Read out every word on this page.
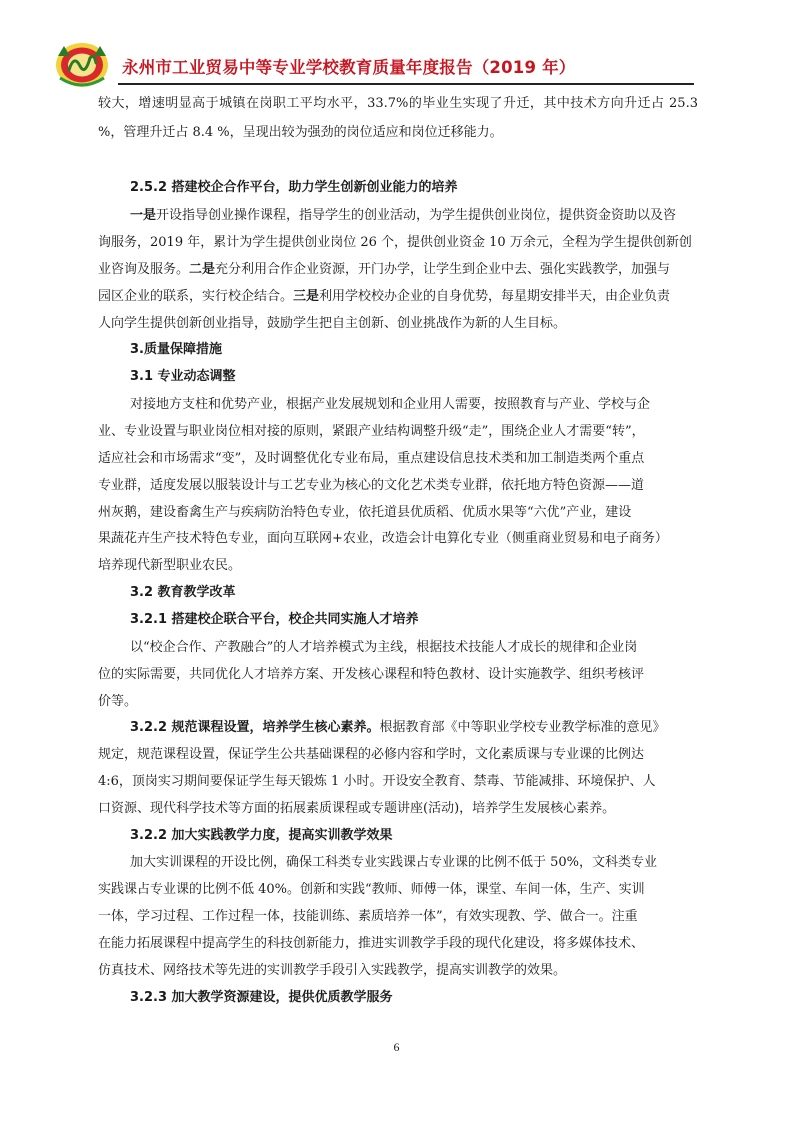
永州市工业贸易中等专业学校教育质量年度报告（2019 年）
较大，增速明显高于城镇在岗职工平均水平，33.7%的毕业生实现了升迁，其中技术方向升迁占 25.3
%，管理升迁占 8.4 %，呈现出较为强劲的岗位适应和岗位迁移能力。
2.5.2 搭建校企合作平台，助力学生创新创业能力的培养
一是开设指导创业操作课程，指导学生的创业活动，为学生提供创业岗位，提供资金资助以及咨
询服务，2019 年，累计为学生提供创业岗位 26 个，提供创业资金 10 万余元，全程为学生提供创新创
业咨询及服务。二是充分利用合作企业资源，开门办学，让学生到企业中去、强化实践教学，加强与
园区企业的联系，实行校企结合。三是利用学校校办企业的自身优势，每星期安排半天，由企业负责
人向学生提供创新创业指导，鼓励学生把自主创新、创业挑战作为新的人生目标。
3.质量保障措施
3.1 专业动态调整
对接地方支柱和优势产业，根据产业发展规划和企业用人需要，按照教育与产业、学校与企
业、专业设置与职业岗位相对接的原则，紧跟产业结构调整升级“走”，围绕企业人才需要“转”，
适应社会和市场需求“变”，及时调整优化专业布局，重点建设信息技术类和加工制造类两个重点
专业群，适度发展以服装设计与工艺专业为核心的文化艺术类专业群，依托地方特色资源——道
州灰鹅，建设畜禽生产与疾病防治特色专业，依托道县优质稻、优质水果等“六优”产业，建设
果蔬花卉生产技术特色专业，面向互联网+农业，改造会计电算化专业（侧重商业贸易和电子商务）
培养现代新型职业农民。
3.2 教育教学改革
3.2.1 搭建校企联合平台，校企共同实施人才培养
以“校企合作、产教融合”的人才培养模式为主线，根据技术技能人才成长的规律和企业岗
位的实际需要，共同优化人才培养方案、开发核心课程和特色教材、设计实施教学、组织考核评
价等。
3.2.2 规范课程设置，培养学生核心素养。根据教育部《中等职业学校专业教学标准的意见》
规定，规范课程设置，保证学生公共基础课程的必修内容和学时，文化素质课与专业课的比例达
4:6，顶岗实习期间要保证学生每天锻炼 1 小时。开设安全教育、禁毒、节能减排、环境保护、人
口资源、现代科学技术等方面的拓展素质课程或专题讲座(活动)，培养学生发展核心素养。
3.2.2 加大实践教学力度，提高实训教学效果
加大实训课程的开设比例，确保工科类专业实践课占专业课的比例不低于 50%，文科类专业
实践课占专业课的比例不低 40%。创新和实践“教师、师傅一体，课堂、车间一体，生产、实训
一体，学习过程、工作过程一体，技能训练、素质培养一体”，有效实现教、学、做合一。注重
在能力拓展课程中提高学生的科技创新能力，推进实训教学手段的现代化建设，将多媒体技术、
仿真技术、网络技术等先进的实训教学手段引入实践教学，提高实训教学的效果。
3.2.3 加大教学资源建设，提供优质教学服务
6
